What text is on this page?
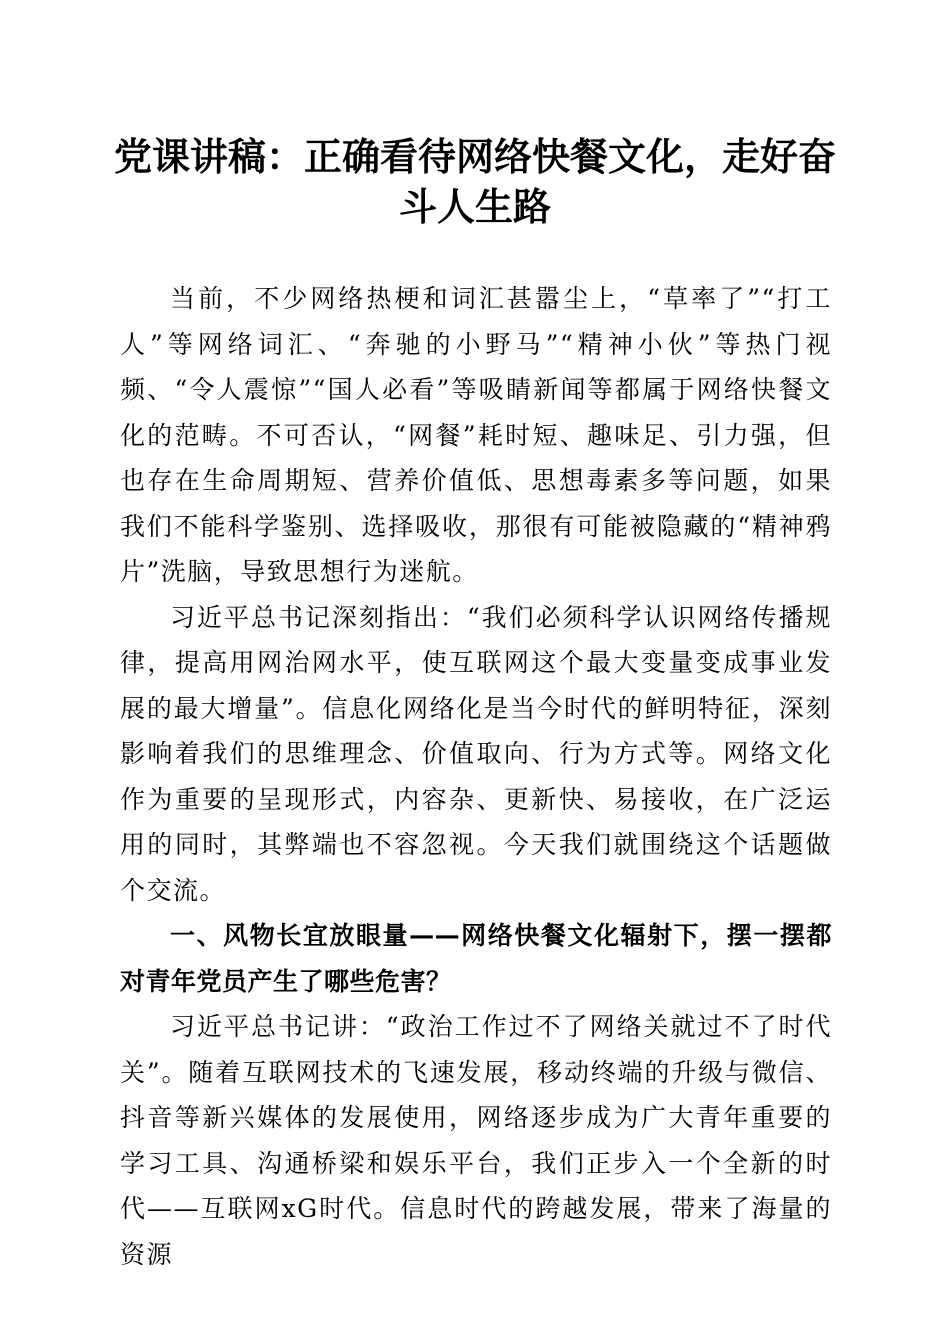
党课讲稿：正确看待网络快餐文化，走好奋斗人生路

当前，不少网络热梗和词汇甚嚣尘上，“草率了”“打工人”等网络词汇、“奔驰的小野马”“精神小伙”等热门视频、“令人震惊”“国人必看”等吸睛新闻等都属于网络快餐文化的范畴。不可否认，“网餐”耗时短、趣味足、引力强，但也存在生命周期短、营养价值低、思想毒素多等问题，如果我们不能科学鉴别、选择吸收，那很有可能被隐藏的“精神鸦片”洗脑，导致思想行为迷航。

习近平总书记深刻指出：“我们必须科学认识网络传播规律，提高用网治网水平，使互联网这个最大变量变成事业发展的最大增量”。信息化网络化是当今时代的鲜明特征，深刻影响着我们的思维理念、价值取向、行为方式等。网络文化作为重要的呈现形式，内容杂、更新快、易接收，在广泛运用的同时，其弊端也不容忽视。今天我们就围绕这个话题做个交流。

一、风物长宜放眼量——网络快餐文化辐射下，摆一摆都对青年党员产生了哪些危害？

习近平总书记讲：“政治工作过不了网络关就过不了时代关”。随着互联网技术的飞速发展，移动终端的升级与微信、抖音等新兴媒体的发展使用，网络逐步成为广大青年重要的学习工具、沟通桥梁和娱乐平台，我们正步入一个全新的时代——互联网xG时代。信息时代的跨越发展，带来了海量的资源
